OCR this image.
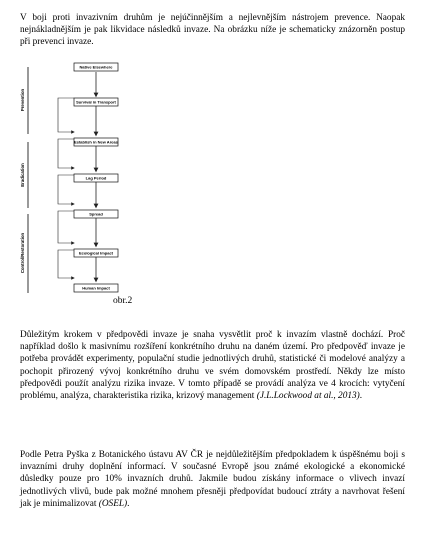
V boji proti invazivním druhům je nejúčinnějším a nejlevnějším nástrojem prevence. Naopak nejnákladnějším je pak likvidace následků invaze. Na obrázku níže je schematicky znázorněn postup při prevenci invaze.
Native Elsewhere
Survival in Transport
Establish in New Areas
Lag Period
Spread
Ecological Impact
Human Impact
Prevention
Eradication
Control/Restoration
obr.2
Důležitým krokem v předpovědi invaze je snaha vysvětlit proč k invazím vlastně dochází. Proč například došlo k masivnímu rozšíření konkrétního druhu na daném území. Pro předpověď invaze je potřeba provádět experimenty, populační studie jednotlivých druhů, statistické či modelové analýzy a pochopit přirozený vývoj konkrétního druhu ve svém domovském prostředí. Někdy lze místo předpovědi použít analýzu rizika invaze. V tomto případě se provádí analýza ve 4 krocích: vytyčení problému, analýza, charakteristika rizika, krizový management (J.L.Lockwood at al., 2013).
Podle Petra Pyška z Botanického ústavu AV ČR je nejdůležitějším předpokladem k úspěšnému boji s invazními druhy doplnění informací. V současné Evropě jsou známé ekologické a ekonomické důsledky pouze pro 10% invazních druhů. Jakmile budou získány informace o vlivech invazí jednotlivých vlivů, bude pak možné mnohem přesněji předpovídat budoucí ztráty a navrhovat řešení jak je minimalizovat (OSEL).
